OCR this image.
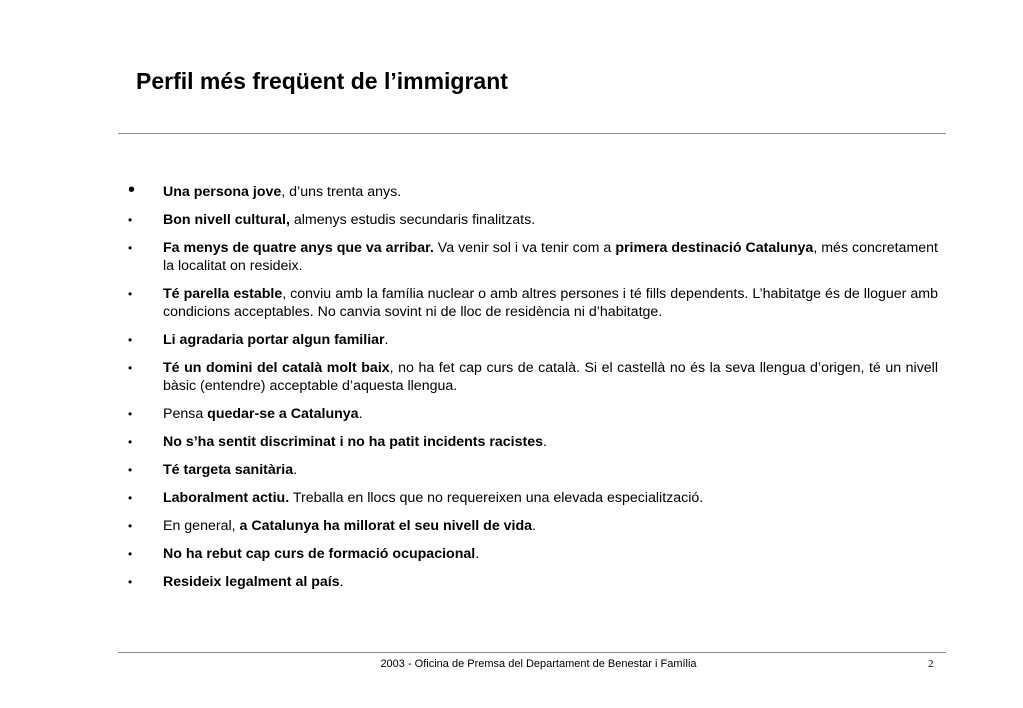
Perfil més freqüent de l’immigrant
• Una persona jove, d’uns trenta anys.
• Bon nivell cultural, almenys estudis secundaris finalitzats.
• Fa menys de quatre anys que va arribar. Va venir sol i va tenir com a primera destinació Catalunya, més concretament la localitat on resideix.
• Té parella estable, conviu amb la família nuclear o amb altres persones i té fills dependents. L’habitatge és de lloguer amb condicions acceptables. No canvia sovint ni de lloc de residència ni d’habitatge.
• Li agradaria portar algun familiar.
• Té un domini del català molt baix, no ha fet cap curs de català. Si el castellà no és la seva llengua d’origen, té un nivell bàsic (entendre) acceptable d’aquesta llengua.
• Pensa quedar-se a Catalunya.
• No s’ha sentit discriminat i no ha patit incidents racistes.
• Té targeta sanitària.
• Laboralment actiu. Treballa en llocs que no requereixen una elevada especialització.
• En general, a Catalunya ha millorat el seu nivell de vida.
• No ha rebut cap curs de formació ocupacional.
• Resideix legalment al país.
2003 - Oficina de Premsa del Departament de Benestar i Família	2
